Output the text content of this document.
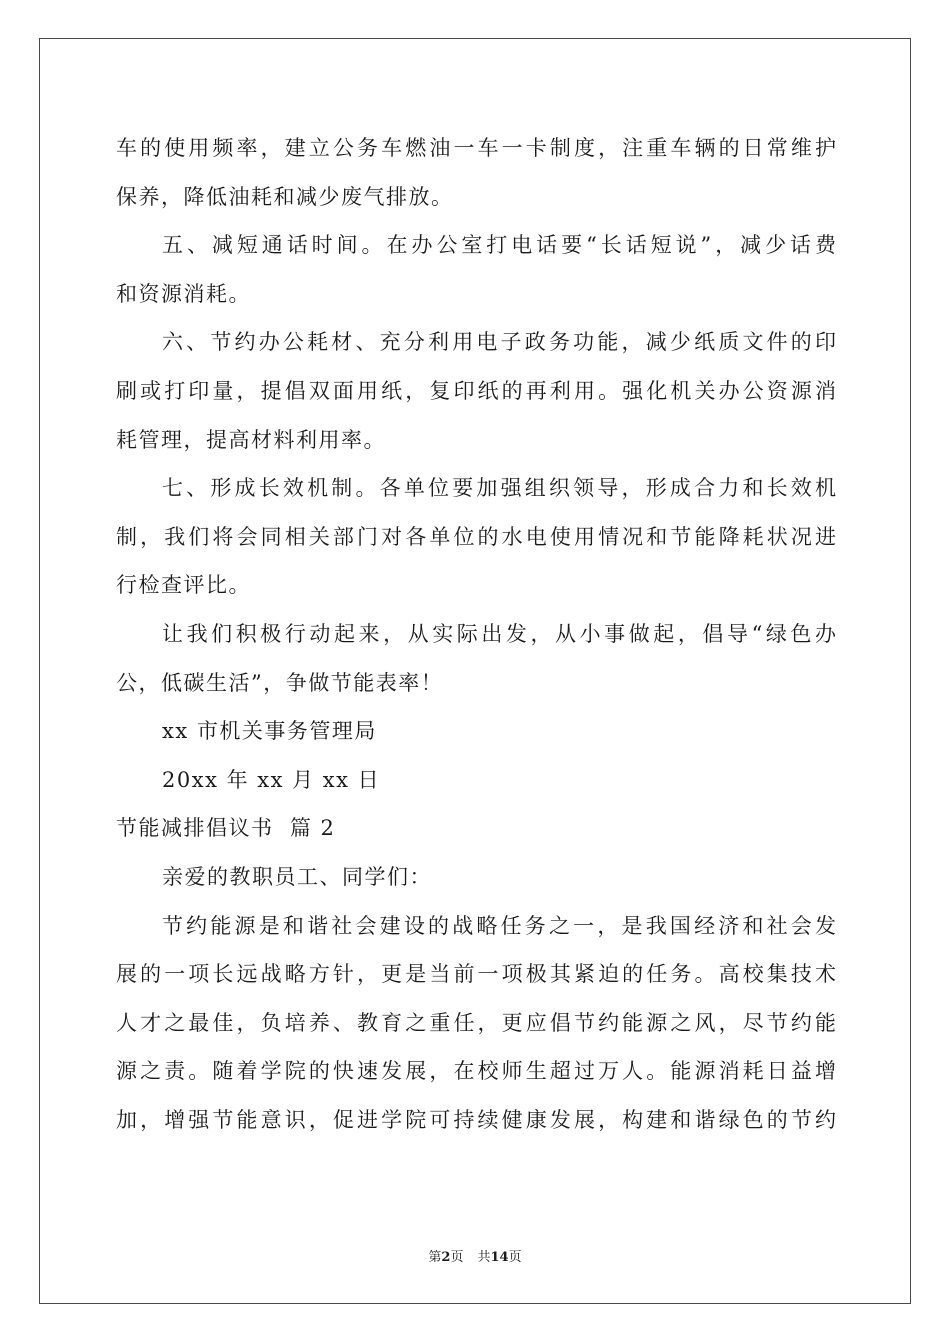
车的使用频率，建立公务车燃油一车一卡制度，注重车辆的日常维护
保养，降低油耗和减少废气排放。
五、减短通话时间。在办公室打电话要“长话短说”，减少话费
和资源消耗。
六、节约办公耗材、充分利用电子政务功能，减少纸质文件的印
刷或打印量，提倡双面用纸，复印纸的再利用。强化机关办公资源消
耗管理，提高材料利用率。
七、形成长效机制。各单位要加强组织领导，形成合力和长效机
制，我们将会同相关部门对各单位的水电使用情况和节能降耗状况进
行检查评比。
让我们积极行动起来，从实际出发，从小事做起，倡导“绿色办
公，低碳生活”，争做节能表率！
xx 市机关事务管理局
20xx 年 xx 月 xx 日
节能减排倡议书  篇 2
亲爱的教职员工、同学们：
节约能源是和谐社会建设的战略任务之一，是我国经济和社会发
展的一项长远战略方针，更是当前一项极其紧迫的任务。高校集技术
人才之最佳，负培养、教育之重任，更应倡节约能源之风，尽节约能
源之责。随着学院的快速发展，在校师生超过万人。能源消耗日益增
加，增强节能意识，促进学院可持续健康发展，构建和谐绿色的节约
第2页 共14页
